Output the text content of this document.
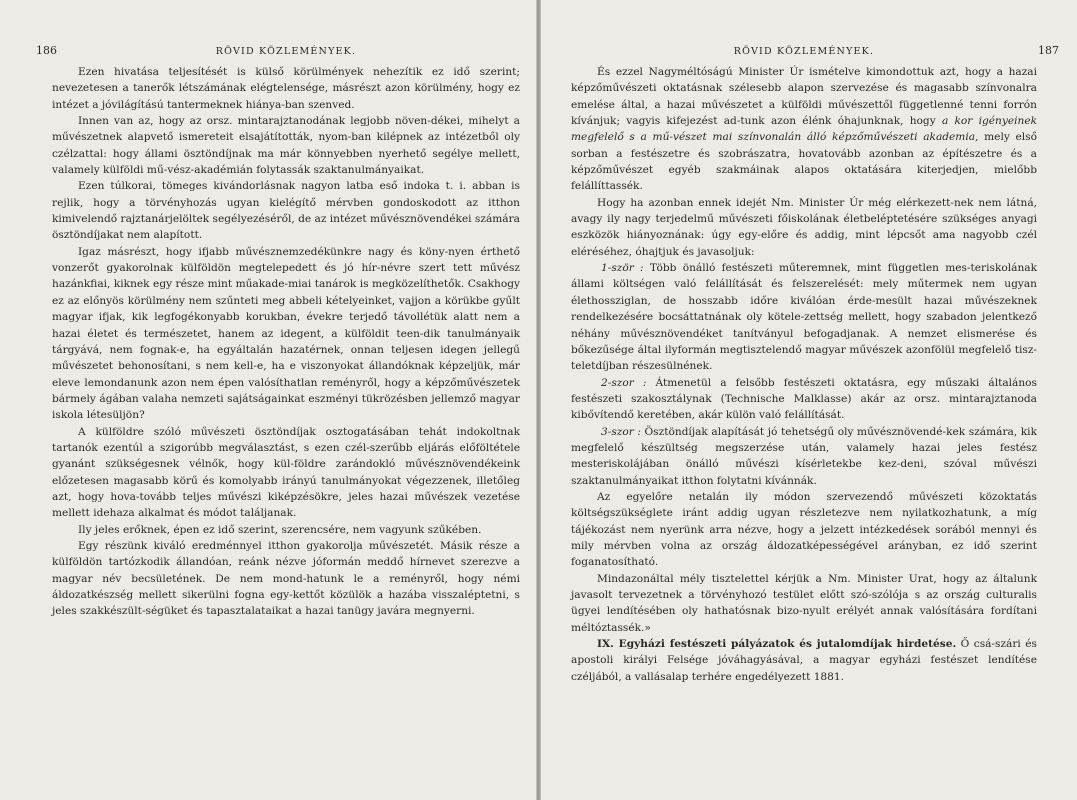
186	RÖVID KÖZLEMÉNYEK.

Ezen hivatása teljesítését is külső körülmények nehezítik ez idő szerint; nevezetesen a tanerők létszámának elégtelensége, másrészt azon körülmény, hogy ez intézet a jóvilágítású tantermeknek hiánya-ban szenved.

Innen van az, hogy az orsz. mintarajztanodának legjobb növen-dékei, mihelyt a művészetnek alapvető ismereteit elsajátították, nyom-ban kilépnek az intézetből oly czélzattal: hogy állami ösztöndíjnak ma már könnyebben nyerhető segélye mellett, valamely külföldi mű-vész-akadémián folytassák szaktanulmányaikat.

Ezen túlkorai, tömeges kivándorlásnak nagyon latba eső indoka t. i. abban is rejlik, hogy a törvényhozás ugyan kielégítő mérvben gondoskodott az itthon kimivelendő rajztanárjelöltek segélyezéséről, de az intézet művésznövendékei számára ösztöndíjakat nem alapított.

Igaz másrészt, hogy ifjabb művésznemzedékünkre nagy és köny-nyen érthető vonzerőt gyakorolnak külföldön megtelepedett és jó hír-névre szert tett művész hazánkfiai, kiknek egy része mint műakade-miai tanárok is megközelíthetők. Csakhogy ez az előnyös körülmény nem szűnteti meg abbeli kételyeinket, vajjon a körükbe gyűlt magyar ifjak, kik legfogékonyabb korukban, évekre terjedő távollétük alatt nem a hazai életet és természetet, hanem az idegent, a külföldit teen-dik tanulmányaik tárgyává, nem fognak-e, ha egyáltalán hazatérnek, onnan teljesen idegen jellegű művészetet behonosítani, s nem kell-e, ha e viszonyokat állandóknak képzeljük, már eleve lemondanunk azon nem épen valósíthatlan reményről, hogy a képzőművészetek bármely ágában valaha nemzeti sajátságainkat eszményi tükrözésben jellemző magyar iskola létesüljön?

A külföldre szóló művészeti ösztöndíjak osztogatásában tehát indokoltnak tartanók ezentúl a szigorúbb megválasztást, s ezen czél-szerűbb eljárás előföltétele gyanánt szükségesnek vélnők, hogy kül-földre zarándokló művésznövendékeink előzetesen magasabb körű és komolyabb irányú tanulmányokat végezzenek, illetőleg azt, hogy hova-tovább teljes művészi kiképzésökre, jeles hazai művészek vezetése mellett idehaza alkalmat és módot találjanak.

Ily jeles erőknek, épen ez idő szerint, szerencsére, nem vagyunk szűkében.

Egy részünk kiváló eredménnyel itthon gyakorolja művészetét. Másik része a külföldön tartózkodik állandóan, reánk nézve jóformán meddő hírnevet szerezve a magyar név becsületének. De nem mond-hatunk le a reményről, hogy némi áldozatkészség mellett sikerülni fogna egy-kettőt közülök a hazába visszaléptetni, s jeles szakkészült-ségüket és tapasztalataikat a hazai tanügy javára megnyerni.

RÖVID KÖZLEMÉNYEK.	187

És ezzel Nagyméltóságú Minister Úr ismételve kimondottuk azt, hogy a hazai képzőművészeti oktatásnak szélesebb alapon szervezése és magasabb színvonalra emelése által, a hazai művészetet a külföldi művészettől függetlenné tenni forrón kívánjuk; vagyis kifejezést ad-tunk azon élénk óhajunknak, hogy a kor igényeinek megfelelő s a mű-vészet mai színvonalán álló képzőművészeti akademia, mely első sorban a festészetre és szobrászatra, hovatovább azonban az építészetre és a képzőművészet egyéb szakmáinak alapos oktatására kiterjedjen, mielőbb felállíttassék.

Hogy ha azonban ennek idejét Nm. Minister Úr még elérkezett-nek nem látná, avagy ily nagy terjedelmű művészeti főiskolának életbeléptetésére szükséges anyagi eszközök hiányoznának: úgy egy-előre és addig, mint lépcsőt ama nagyobb czél eléréséhez, óhajtjuk és javasoljuk:

1-ször : Több önálló festészeti műteremnek, mint független mes-teriskolának állami költségen való felállítását és felszerelését: mely műtermek nem ugyan élethossziglan, de hosszabb időre kiválóan érde-mesült hazai művészeknek rendelkezésére bocsáttatnának oly kötele-zettség mellett, hogy szabadon jelentkező néhány művésznövendéket tanítványul befogadjanak. A nemzet elismerése és bőkezűsége által ilyformán megtisztelendő magyar művészek azonfölül megfelelő tisz-teletdíjban részesülnének.

2-szor : Átmenetül a felsőbb festészeti oktatásra, egy műszaki általános festészeti szakosztálynak (Technische Malklasse) akár az orsz. mintarajztanoda kibővítendő keretében, akár külön való felállítását.

3-szor : Ösztöndíjak alapítását jó tehetségű oly művésznövendé-kek számára, kik megfelelő készültség megszerzése után, valamely hazai jeles festész mesteriskolájában önálló művészi kísérletekbe kez-deni, szóval művészi szaktanulmányaikat itthon folytatni kívánnák.

Az egyelőre netalán ily módon szervezendő művészeti közoktatás költségszükséglete iránt addig ugyan részletezve nem nyilatkozhatunk, a míg tájékozást nem nyerünk arra nézve, hogy a jelzett intézkedések sorából mennyi és mily mérvben volna az ország áldozatképességével arányban, ez idő szerint foganatosítható.

Mindazonáltal mély tisztelettel kérjük a Nm. Minister Urat, hogy az általunk javasolt tervezetnek a törvényhozó testület előtt szó-szólója s az ország culturalis ügyei lendítésében oly hathatósnak bizo-nyult erélyét annak valósítására fordítani méltóztassék.»

IX. Egyházi festészeti pályázatok és jutalomdíjak hirdetése. Ő csá-szári és apostoli királyi Felsége jóváhagyásával, a magyar egyházi festészet lendítése czéljából, a vallásalap terhére engedélyezett 1881.
